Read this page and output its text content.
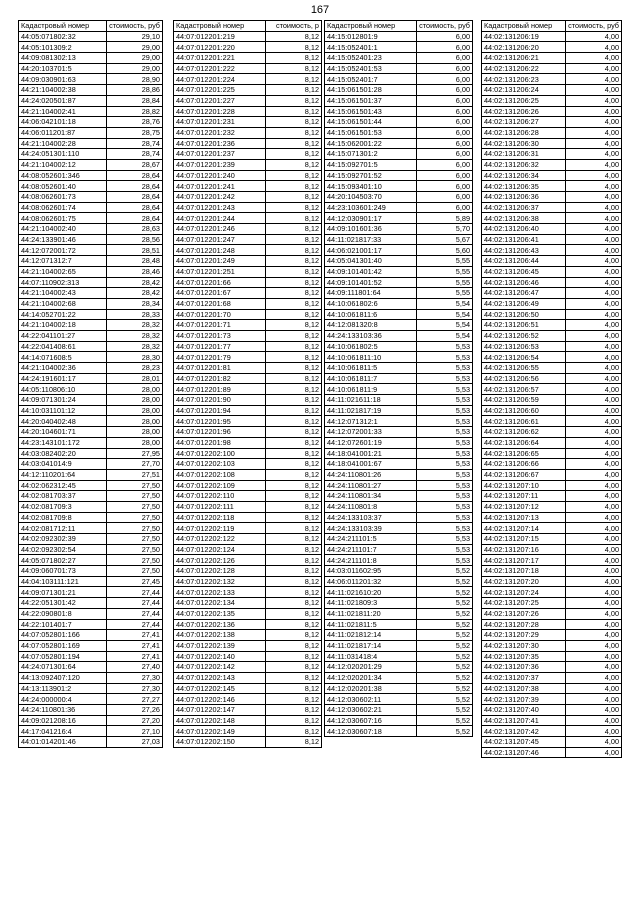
167
Кадастровый номер	стоимость, руб
44:05:071802:32	29,10
44:05:101309:2	29,00
44:09:081302:13	29,00
44:20:103701:5	29,00
44:09:030901:63	28,90
44:21:104002:38	28,86
44:24:020501:87	28,84
44:21:104002:41	28,82
44:06:042101:18	28,76
44:06:011201:87	28,75
44:21:104002:28	28,74
44:24:051301:110	28,74
44:21:104002:12	28,67
44:08:052601:346	28,64
44:08:052601:40	28,64
44:08:062601:73	28,64
44:08:062601:74	28,64
44:08:062601:75	28,64
44:21:104002:40	28,63
44:24:133901:46	28,56
44:12:072001:72	28,51
44:12:071312:7	28,48
44:21:104002:65	28,46
44:07:110902:313	28,42
44:21:104002:43	28,42
44:21:104002:68	28,34
44:14:052701:22	28,33
44:21:104002:18	28,32
44:22:041101:27	28,32
44:22:041408:61	28,32
44:14:071608:5	28,30
44:21:104002:36	28,23
44:24:191601:17	28,01
44:05:110806:10	28,00
44:09:071301:24	28,00
44:10:031101:12	28,00
44:20:040402:48	28,00
44:20:104601:71	28,00
44:23:143101:172	28,00
44:03:082402:20	27,95
44:03:041014:9	27,70
44:12:110201:64	27,51
44:02:062312:45	27,50
44:02:081703:37	27,50
44:02:081709:3	27,50
44:02:081709:8	27,50
44:02:081712:11	27,50
44:02:092302:39	27,50
44:02:092302:54	27,50
44:05:071802:27	27,50
44:09:060701:73	27,50
44:04:103111:121	27,45
44:09:071301:21	27,44
44:22:051301:42	27,44
44:22:090801:8	27,44
44:22:101401:7	27,44
44:07:052801:166	27,41
44:07:052801:169	27,41
44:07:052801:194	27,41
44:24:071301:64	27,40
44:13:092407:120	27,30
44:13:113901:2	27,30
44:24:000000:4	27,27
44:24:110801:36	27,26
44:09:021208:16	27,20
44:17:041216:4	27,10
44:01:014201:46	27,03
Кадастровый номер	стоимость, р
44:07:012201:219	8,12
44:07:012201:220	8,12
44:07:012201:221	8,12
44:07:012201:222	8,12
44:07:012201:224	8,12
44:07:012201:225	8,12
44:07:012201:227	8,12
44:07:012201:228	8,12
44:07:012201:231	8,12
44:07:012201:232	8,12
44:07:012201:236	8,12
44:07:012201:237	8,12
44:07:012201:239	8,12
44:07:012201:240	8,12
44:07:012201:241	8,12
44:07:012201:242	8,12
44:07:012201:243	8,12
44:07:012201:244	8,12
44:07:012201:246	8,12
44:07:012201:247	8,12
44:07:012201:248	8,12
44:07:012201:249	8,12
44:07:012201:251	8,12
44:07:012201:66	8,12
44:07:012201:67	8,12
44:07:012201:68	8,12
44:07:012201:70	8,12
44:07:012201:71	8,12
44:07:012201:73	8,12
44:07:012201:77	8,12
44:07:012201:79	8,12
44:07:012201:81	8,12
44:07:012201:82	8,12
44:07:012201:89	8,12
44:07:012201:90	8,12
44:07:012201:94	8,12
44:07:012201:95	8,12
44:07:012201:96	8,12
44:07:012201:98	8,12
44:07:012202:100	8,12
44:07:012202:103	8,12
44:07:012202:108	8,12
44:07:012202:109	8,12
44:07:012202:110	8,12
44:07:012202:111	8,12
44:07:012202:118	8,12
44:07:012202:119	8,12
44:07:012202:122	8,12
44:07:012202:124	8,12
44:07:012202:126	8,12
44:07:012202:128	8,12
44:07:012202:132	8,12
44:07:012202:133	8,12
44:07:012202:134	8,12
44:07:012202:135	8,12
44:07:012202:136	8,12
44:07:012202:138	8,12
44:07:012202:139	8,12
44:07:012202:140	8,12
44:07:012202:142	8,12
44:07:012202:143	8,12
44:07:012202:145	8,12
44:07:012202:146	8,12
44:07:012202:147	8,12
44:07:012202:148	8,12
44:07:012202:149	8,12
44:07:012202:150	8,12
Кадастровый номер	стоимость, руб
44:15:012801:9	6,00
44:15:052401:1	6,00
44:15:052401:23	6,00
44:15:052401:53	6,00
44:15:052401:7	6,00
44:15:061501:28	6,00
44:15:061501:37	6,00
44:15:061501:43	6,00
44:15:061501:44	6,00
44:15:061501:53	6,00
44:15:062001:22	6,00
44:15:071301:2	6,00
44:15:092701:5	6,00
44:15:092701:52	6,00
44:15:093401:10	6,00
44:20:104503:70	6,00
44:23:103601:249	6,00
44:12:030901:17	5,89
44:09:101601:36	5,70
44:11:021817:33	5,67
44:06:021001:17	5,60
44:05:041301:40	5,55
44:09:101401:42	5,55
44:09:101401:52	5,55
44:09:111801:64	5,55
44:10:061802:6	5,54
44:10:061811:6	5,54
44:12:081320:8	5,54
44:24:133103:36	5,54
44:10:061802:5	5,53
44:10:061811:10	5,53
44:10:061811:5	5,53
44:10:061811:7	5,53
44:10:061811:9	5,53
44:11:021611:18	5,53
44:11:021817:19	5,53
44:12:071312:1	5,53
44:12:072001:33	5,53
44:12:072601:19	5,53
44:18:041001:21	5,53
44:18:041001:67	5,53
44:24:110801:26	5,53
44:24:110801:27	5,53
44:24:110801:34	5,53
44:24:110801:8	5,53
44:24:133103:37	5,53
44:24:133103:39	5,53
44:24:211101:5	5,53
44:24:211101:7	5,53
44:24:211101:8	5,53
44:03:011602:95	5,52
44:06:011201:32	5,52
44:11:021610:20	5,52
44:11:021809:3	5,52
44:11:021811:20	5,52
44:11:021811:5	5,52
44:11:021812:14	5,52
44:11:021817:14	5,52
44:11:031418:4	5,52
44:12:020201:29	5,52
44:12:020201:34	5,52
44:12:020201:38	5,52
44:12:030602:11	5,52
44:12:030602:21	5,52
44:12:030607:16	5,52
44:12:030607:18	5,52
Кадастровый номер	стоимость, руб
44:02:131206:19	4,00
44:02:131206:20	4,00
44:02:131206:21	4,00
44:02:131206:22	4,00
44:02:131206:23	4,00
44:02:131206:24	4,00
44:02:131206:25	4,00
44:02:131206:26	4,00
44:02:131206:27	4,00
44:02:131206:28	4,00
44:02:131206:30	4,00
44:02:131206:31	4,00
44:02:131206:32	4,00
44:02:131206:34	4,00
44:02:131206:35	4,00
44:02:131206:36	4,00
44:02:131206:37	4,00
44:02:131206:38	4,00
44:02:131206:40	4,00
44:02:131206:41	4,00
44:02:131206:43	4,00
44:02:131206:44	4,00
44:02:131206:45	4,00
44:02:131206:46	4,00
44:02:131206:47	4,00
44:02:131206:49	4,00
44:02:131206:50	4,00
44:02:131206:51	4,00
44:02:131206:52	4,00
44:02:131206:53	4,00
44:02:131206:54	4,00
44:02:131206:55	4,00
44:02:131206:56	4,00
44:02:131206:57	4,00
44:02:131206:59	4,00
44:02:131206:60	4,00
44:02:131206:61	4,00
44:02:131206:62	4,00
44:02:131206:64	4,00
44:02:131206:65	4,00
44:02:131206:66	4,00
44:02:131206:67	4,00
44:02:131207:10	4,00
44:02:131207:11	4,00
44:02:131207:12	4,00
44:02:131207:13	4,00
44:02:131207:14	4,00
44:02:131207:15	4,00
44:02:131207:16	4,00
44:02:131207:17	4,00
44:02:131207:18	4,00
44:02:131207:20	4,00
44:02:131207:24	4,00
44:02:131207:25	4,00
44:02:131207:26	4,00
44:02:131207:28	4,00
44:02:131207:29	4,00
44:02:131207:30	4,00
44:02:131207:35	4,00
44:02:131207:36	4,00
44:02:131207:37	4,00
44:02:131207:38	4,00
44:02:131207:39	4,00
44:02:131207:40	4,00
44:02:131207:41	4,00
44:02:131207:42	4,00
44:02:131207:45	4,00
44:02:131207:46	4,00
